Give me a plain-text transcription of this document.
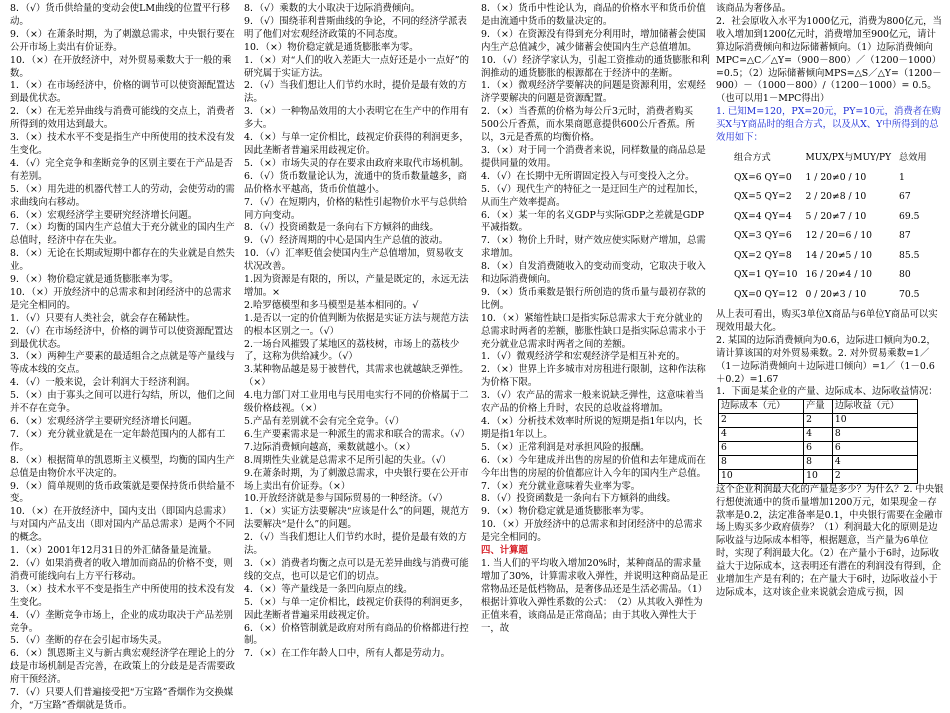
8．（√）货币供给量的变动会使LM曲线的位置平行移动。

9．（×）在萧条时期，为了刺激总需求，中央银行要在公开市场上卖出有价证券。

10．（×）在开放经济中，对外贸易乘数大于一般的乘数。

1．（×）在市场经济中，价格的调节可以使资源配置达到最优状态。

2．（×）在无差异曲线与消费可能线的交点上，消费者所得到的效用达到最大。

3．（×）技术水平不变是指生产中所使用的技术没有发生变化。

4．（√）完全竞争和垄断竞争的区别主要在于产品是否有差别。

5．（×）用先进的机器代替工人的劳动，会使劳动的需求曲线向右移动。

6．（×）宏观经济学主要研究经济增长问题。

7．（×）均衡的国内生产总值大于充分就业的国内生产总值时，经济中存在失业。

8．（×）无论在长期或短期中都存在的失业就是自然失业。

9．（×）物价稳定就是通货膨胀率为零。

10．（×）开放经济中的总需求和封闭经济中的总需求是完全相同的。

1．（√）只要有人类社会，就会存在稀缺性。

2．（√）在市场经济中，价格的调节可以使资源配置达到最优状态。

3．（×）两种生产要素的最适组合之点就是等产量线与等成本线的交点。

4．（√）一般来说，会计利润大于经济利润。

5．（×）由于寡头之间可以进行勾结，所以，他们之间并不存在竞争。

6．（×）宏观经济学主要研究经济增长问题。

7．（×）充分就业就是在一定年龄范围内的人都有工作。

8．（×）根据简单的凯恩斯主义模型，均衡的国内生产总值是由物价水平决定的。

9．（×）简单规则的货币政策就是要保持货币供给量不变。

10．（×）在开放经济中，国内支出（即国内总需求）与对国内产品支出（即对国内产品总需求）是两个不同的概念。

1．（×）2001年12月31日的外汇储备量是流量。

2．（√）如果消费者的收入增加而商品的价格不变，则消费可能线向右上方平行移动。

3．（×）技术水平不变是指生产中所使用的技术没有发生变化。

4．（√）垄断竞争市场上，企业的成功取决于产品差别竞争。

5．（√）垄断的存在会引起市场失灵。

6．（×）凯恩斯主义与新古典宏观经济学在理论上的分歧是市场机制是否完善，在政策上的分歧是是否需要政府干预经济。

7．（√）只要人们普遍接受把“万宝路”香烟作为交换媒介，“万宝路”香烟就是货币。

8．（√）乘数的大小取决于边际消费倾向。

9．（√）围绕菲利普斯曲线的争论，不同的经济学派表明了他们对宏观经济政策的不同态度。

10．（×）物价稳定就是通货膨胀率为零。

1．（×）对“人们的收入差距大一点好还是小一点好”的研究属于实证方法。

2．（√）当我们想让人们节约水时，提价是最有效的方法。

3．（×）一种物品效用的大小表明它在生产中的作用有多大。

4．（×）与单一定价相比，歧视定价获得的利润更多，因此垄断者普遍采用歧视定价。

5．（×）市场失灵的存在要求由政府来取代市场机制。

6．（√）货币数量论认为，流通中的货币数量越多，商品价格水平越高，货币价值越小。

7．（√）在短期内，价格的粘性引起物价水平与总供给同方向变动。

8．（√）投资函数是一条向右下方倾斜的曲线。

9．（√）经济周期的中心是国内生产总值的波动。

10．（√）汇率贬值会使国内生产总值增加，贸易收支状况改善。

1.因为资源是有限的，所以，产量是既定的，永远无法增加。×

2.哈罗德模型和多马模型是基本相同的。√

1.是否以一定的价值判断为依据是实证方法与规范方法的根本区别之一。（√）

2.一场台风摧毁了某地区的荔枝树，市场上的荔枝少了，这称为供给减少。（√）

3.某种物品越是易于被替代，其需求也就越缺乏弹性。（×）

4.电力部门对工业用电与民用电实行不同的价格属于二级价格歧视。（×）

5.产品有差别就不会有完全竞争。（√）

6.生产要素需求是一种派生的需求和联合的需求。（√）

7.边际消费倾向越高，乘数就越小。（×）

8.周期性失业就是总需求不足所引起的失业。（√）

9.在萧条时期，为了刺激总需求，中央银行要在公开市场上卖出有价证券。（×）

10.开放经济就是参与国际贸易的一种经济。（√）

1．（×）实证方法要解决“应该是什么”的问题，规范方法要解决“是什么”的问题。

2．（√）当我们想让人们节约水时，提价是最有效的方法。

3．（×）消费者均衡之点可以是无差异曲线与消费可能线的交点，也可以是它们的切点。

4．（×）等产量线是一条凹向原点的线。

5．（×）与单一定价相比，歧视定价获得的利润更多，因此垄断者普遍采用歧视定价。

6．（×）价格管制就是政府对所有商品的价格都进行控制。

7．（×）在工作年龄人口中，所有人都是劳动力。

8．（×）货币中性论认为，商品的价格水平和货币价值是由流通中货币的数量决定的。

9．（×）在资源没有得到充分利用时，增加储蓄会使国内生产总值减少，减少储蓄会使国内生产总值增加。

10．（√）经济学家认为，引起工资推动的通货膨胀和利润推动的通货膨胀的根源都在于经济中的垄断。

1．（×）微观经济学要解决的问题是资源利用，宏观经济学要解决的问题是资源配置。

2．（×）当香蕉的价格为每公斤3元时，消费者购买500公斤香蕉，而水果商愿意提供600公斤香蕉。所以，3元是香蕉的均衡价格。

3．（×）对于同一个消费者来说，同样数量的商品总是提供同量的效用。

4．（√）在长期中无所谓固定投入与可变投入之分。

5．（√）现代生产的特征之一是迂回生产的过程加长，从而生产效率提高。

6．（×）某一年的名义GDP与实际GDP之差就是GDP平减指数。

7．（×）物价上升时，财产效应使实际财产增加，总需求增加。

8．（×）自发消费随收入的变动而变动，它取决于收入和边际消费倾向。

9．（×）货币乘数是银行所创造的货币量与最初存款的比例。

10．（×）紧缩性缺口是指实际总需求大于充分就业的总需求时两者的差额，膨胀性缺口是指实际总需求小于充分就业总需求时两者之间的差额。

1．（√）微观经济学和宏观经济学是相互补充的。

2．（×）世界上许多城市对房租进行限制，这种作法称为价格下限。

3．（√）农产品的需求一般来说缺乏弹性，这意味着当农产品的价格上升时，农民的总收益将增加。

4．（×）分析技术效率时所说的短期是指1年以内，长期是指1年以上。

5．（×）正常利润是对承担风险的报酬。

6．（×）今年建成并出售的房屋的价值和去年建成而在今年出售的房屋的价值都应计入今年的国内生产总值。

7．（×）充分就业意味着失业率为零。

8．（√）投资函数是一条向右下方倾斜的曲线。

9．（×）物价稳定就是通货膨胀率为零。

10．（×）开放经济中的总需求和封闭经济中的总需求是完全相同的。

四、计算题

1. 当人们的平均收入增加20%时，某种商品的需求量增加了30%，计算需求收入弹性，并说明这种商品是正常物品还是低档物品，是奢侈品还是生活必需品。（1）根据计算收入弹性系数的公式：　（2）从其收入弹性为正值来看，该商品是正常商品；由于其收入弹性大于一，故

该商品为奢侈品。

2．社会原收入水平为1000亿元，消费为800亿元，当收入增加到1200亿元时，消费增加至900亿元，请计算边际消费倾向和边际储蓄倾向。（1）边际消费倾向MPC=△C／△Y=（900－800）／（1200－1000）=0.5；（2）边际储蓄倾向MPS=△S／△Y=（1200－900）－（1000－800）/（1200－1000）= 0.5。（也可以用1－MPC得出）

1. 已知M=120，PX=20元，PY=10元，消费者在购买X与Y商品时的组合方式，以及从X、Y中所得到的总效用如下：

组合方式	MUX/PX与MUY/PY	总效用
QX=6 QY=0	1 / 20≠0 / 10	1
QX=5 QY=2	2 / 20≠8 / 10	67
QX=4 QY=4	5 / 20≠7 / 10	69.5
QX=3 QY=6	12 / 20=6 / 10	87
QX=2 QY=8	14 / 20≠5 / 10	85.5
QX=1 QY=10	16 / 20≠4 / 10	80
QX=0 QY=12	0 / 20≠3 / 10	70.5

从上表可看出，购买3单位X商品与6单位Y商品可以实现效用最大化。

2. 某国的边际消费倾向为0.6，边际进口倾向为0.2，请计算该国的对外贸易乘数。2. 对外贸易乘数=1／（1－边际消费倾向＋边际进口倾向）=1／（1－0.6＋0.2）=1.67

1．下面是某企业的产量、边际成本、边际收益情况：

边际成本（元）	产量	边际收益（元）
2	2	10
4	4	8
6	6	6
8	8	4
10	10	2

这个企业利润最大化的产量是多少？为什么？2. 中央银行想使流通中的货币量增加1200万元，如果现金－存款率是0.2，法定准备率是0.1，中央银行需要在金融市场上购买多少政府债券？（1）利润最大化的原则是边际收益与边际成本相等，根据题意，当产量为6单位时，实现了利润最大化。（2）在产量小于6时，边际收益大于边际成本，这表明还有潜在的利润没有得到，企业增加生产是有利的；在产量大于6时，边际收益小于边际成本，这对该企业来说就会造成亏损，因
